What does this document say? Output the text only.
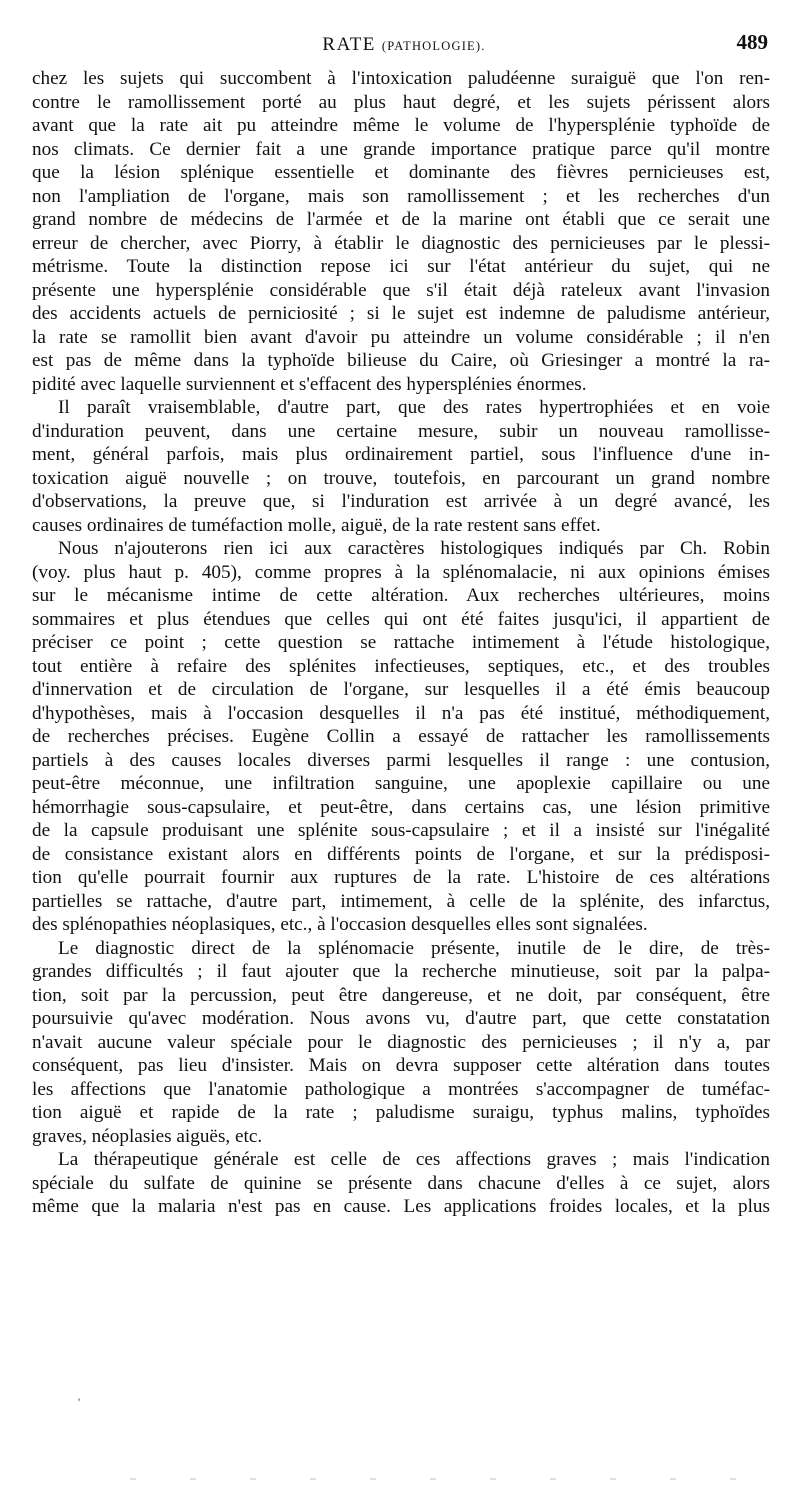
RATE (PATHOLOGIE).	489
chez les sujets qui succombent à l'intoxication paludéenne suraiguë que l'on ren-
contre le ramollissement porté au plus haut degré, et les sujets périssent alors
avant que la rate ait pu atteindre même le volume de l'hypersplénie typhoïde de
nos climats. Ce dernier fait a une grande importance pratique parce qu'il montre
que la lésion splénique essentielle et dominante des fièvres pernicieuses est,
non l'ampliation de l'organe, mais son ramollissement ; et les recherches d'un
grand nombre de médecins de l'armée et de la marine ont établi que ce serait une
erreur de chercher, avec Piorry, à établir le diagnostic des pernicieuses par le plessi-
métrisme. Toute la distinction repose ici sur l'état antérieur du sujet, qui ne
présente une hypersplénie considérable que s'il était déjà rateleux avant l'invasion
des accidents actuels de perniciosité ; si le sujet est indemne de paludisme antérieur,
la rate se ramollit bien avant d'avoir pu atteindre un volume considérable ; il n'en
est pas de même dans la typhoïde bilieuse du Caire, où Griesinger a montré la ra-
pidité avec laquelle surviennent et s'effacent des hypersplénies énormes.
Il paraît vraisemblable, d'autre part, que des rates hypertrophiées et en voie
d'induration peuvent, dans une certaine mesure, subir un nouveau ramollisse-
ment, général parfois, mais plus ordinairement partiel, sous l'influence d'une in-
toxication aiguë nouvelle ; on trouve, toutefois, en parcourant un grand nombre
d'observations, la preuve que, si l'induration est arrivée à un degré avancé, les
causes ordinaires de tuméfaction molle, aiguë, de la rate restent sans effet.
Nous n'ajouterons rien ici aux caractères histologiques indiqués par Ch. Robin
(voy. plus haut p. 405), comme propres à la splénomalacie, ni aux opinions émises
sur le mécanisme intime de cette altération. Aux recherches ultérieures, moins
sommaires et plus étendues que celles qui ont été faites jusqu'ici, il appartient de
préciser ce point ; cette question se rattache intimement à l'étude histologique,
tout entière à refaire des splénites infectieuses, septiques, etc., et des troubles
d'innervation et de circulation de l'organe, sur lesquelles il a été émis beaucoup
d'hypothèses, mais à l'occasion desquelles il n'a pas été institué, méthodiquement,
de recherches précises. Eugène Collin a essayé de rattacher les ramollissements
partiels à des causes locales diverses parmi lesquelles il range : une contusion,
peut-être méconnue, une infiltration sanguine, une apoplexie capillaire ou une
hémorrhagie sous-capsulaire, et peut-être, dans certains cas, une lésion primitive
de la capsule produisant une splénite sous-capsulaire ; et il a insisté sur l'inégalité
de consistance existant alors en différents points de l'organe, et sur la prédisposi-
tion qu'elle pourrait fournir aux ruptures de la rate. L'histoire de ces altérations
partielles se rattache, d'autre part, intimement, à celle de la splénite, des infarctus,
des splénopathies néoplasiques, etc., à l'occasion desquelles elles sont signalées.
Le diagnostic direct de la splénomacie présente, inutile de le dire, de très-
grandes difficultés ; il faut ajouter que la recherche minutieuse, soit par la palpa-
tion, soit par la percussion, peut être dangereuse, et ne doit, par conséquent, être
poursuivie qu'avec modération. Nous avons vu, d'autre part, que cette constatation
n'avait aucune valeur spéciale pour le diagnostic des pernicieuses ; il n'y a, par
conséquent, pas lieu d'insister. Mais on devra supposer cette altération dans toutes
les affections que l'anatomie pathologique a montrées s'accompagner de tuméfac-
tion aiguë et rapide de la rate ; paludisme suraigu, typhus malins, typhoïdes
graves, néoplasies aiguës, etc.
La thérapeutique générale est celle de ces affections graves ; mais l'indication
spéciale du sulfate de quinine se présente dans chacune d'elles à ce sujet, alors
même que la malaria n'est pas en cause. Les applications froides locales, et la plus
'
